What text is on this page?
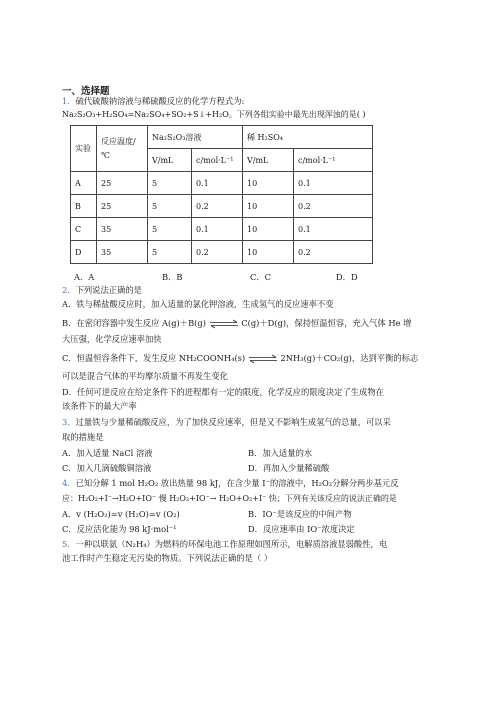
一、选择题
1．硫代硫酸钠溶液与稀硫酸反应的化学方程式为:
Na₂S₂O₃+H₂SO₄=Na₂SO₄+SO₂+S↓+H₂O。下列各组实验中最先出现浑浊的是( )
实验	反应温度/℃	Na₂S₂O₃溶液		稀 H₂SO₄	
		V/mL	c/mol·L⁻¹	V/mL	c/mol·L⁻¹
A	25	5	0.1	10	0.1
B	25	5	0.2	10	0.2
C	35	5	0.1	10	0.1
D	35	5	0.2	10	0.2
A．A	B．B	C．C	D．D
2．下列说法正确的是
A．铁与稀盐酸反应时，加入适量的氯化钾溶液，生成氢气的反应速率不变
B．在密闭容器中发生反应 A(g)＋B(g) ⇌ C(g)＋D(g)，保持恒温恒容，充入气体 He 增
大压强，化学反应速率加快
C．恒温恒容条件下，发生反应 NH₂COONH₄(s) ⇌ 2NH₃(g)＋CO₂(g)，达到平衡的标志
可以是混合气体的平均摩尔质量不再发生变化
D．任何可逆反应在给定条件下的进程都有一定的限度，化学反应的限度决定了生成物在
该条件下的最大产率
3．过量铁与少量稀硫酸反应，为了加快反应速率，但是又不影响生成氢气的总量，可以采
取的措施是
A．加入适量 NaCl 溶液	B．加入适量的水
C．加入几滴硫酸铜溶液	D．再加入少量稀硫酸
4．已知分解 1 mol H₂O₂ 放出热量 98 kJ，在含少量 I⁻的溶液中，H₂O₂分解分两步基元反
应：H₂O₂+I⁻→H₂O+IO⁻ 慢 H₂O₂+IO⁻→ H₂O+O₂+I⁻ 快；下列有关该反应的说法正确的是
A．v (H₂O₂)=v (H₂O)=v (O₂)	B．IO⁻是该反应的中间产物
C．反应活化能为 98 kJ·mol⁻¹	D．反应速率由 IO⁻浓度决定
5．一种以联氨（N₂H₄）为燃料的环保电池工作原理如图所示，电解质溶液显弱酸性，电
池工作时产生稳定无污染的物质。下列说法正确的是（ ）
